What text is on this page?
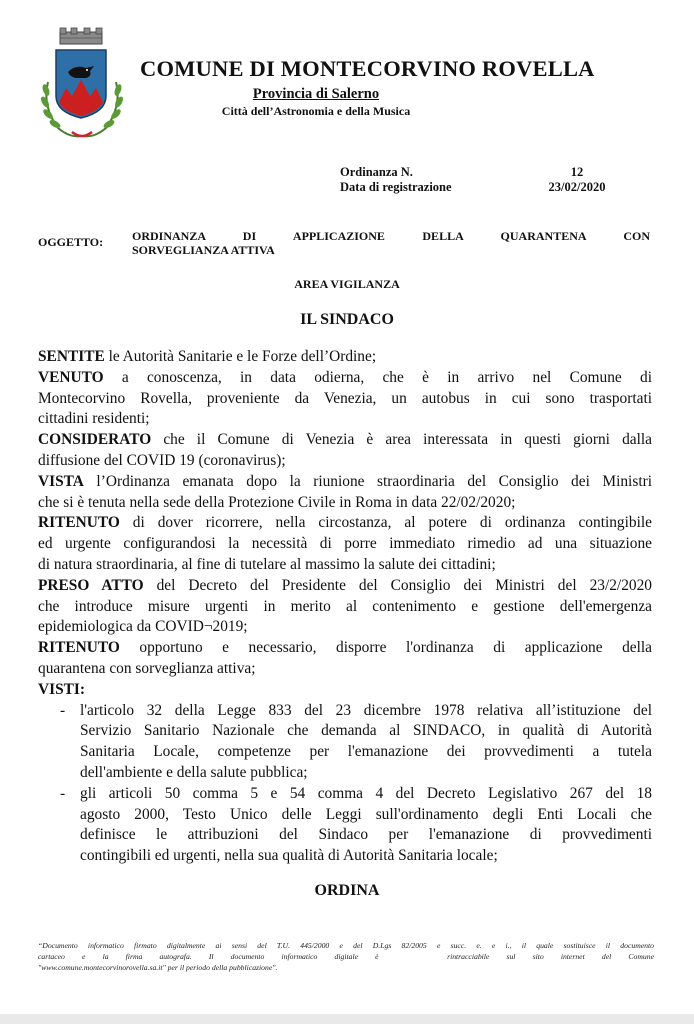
COMUNE DI MONTECORVINO ROVELLA
Provincia di Salerno
Città dell’Astronomia e della Musica
Ordinanza N.	12
Data di registrazione	23/02/2020
OGGETTO: ORDINANZA DI APPLICAZIONE DELLA QUARANTENA CON
SORVEGLIANZA ATTIVA
AREA VIGILANZA
IL SINDACO

SENTITE le Autorità Sanitarie e le Forze dell’Ordine;

VENUTO a conoscenza, in data odierna, che è in arrivo nel Comune di

Montecorvino Rovella, proveniente da Venezia, un autobus in cui sono trasportati

cittadini residenti;

CONSIDERATO che il Comune di Venezia è area interessata in questi giorni dalla

diffusione del COVID 19 (coronavirus);

VISTA l’Ordinanza emanata dopo la riunione straordinaria del Consiglio dei Ministri

che si è tenuta nella sede della Protezione Civile in Roma in data 22/02/2020;

RITENUTO di dover ricorrere, nella circostanza, al potere di ordinanza contingibile

ed urgente configurandosi la necessità di porre immediato rimedio ad una situazione

di natura straordinaria, al fine di tutelare al massimo la salute dei cittadini;

PRESO ATTO del Decreto del Presidente del Consiglio dei Ministri del 23/2/2020

che introduce misure urgenti in merito al contenimento e gestione dell'emergenza

epidemiologica da COVID¬2019;

RITENUTO opportuno e necessario, disporre l'ordinanza di applicazione della

quarantena con sorveglianza attiva;

VISTI:

- l'articolo 32 della Legge 833 del 23 dicembre 1978 relativa all’istituzione del

Servizio Sanitario Nazionale che demanda al SINDACO, in qualità di Autorità

Sanitaria Locale, competenze per l'emanazione dei provvedimenti a tutela

dell'ambiente e della salute pubblica;

- gli articoli 50 comma 5 e 54 comma 4 del Decreto Legislativo 267 del 18

agosto 2000, Testo Unico delle Leggi sull'ordinamento degli Enti Locali che

definisce le attribuzioni del Sindaco per l'emanazione di provvedimenti

contingibili ed urgenti, nella sua qualità di Autorità Sanitaria locale;

ORDINA
“Documento informatico firmato digitalmente ai sensi del T.U. 445/2000 e del D.Lgs 82/2005 e succ. e. e i., il quale sostituisce il documento
cartaceo  e  la  firma  autografa.  Il  documento  informatico  digitale  è        rintracciabile  sul  sito  internet  del  Comune
"www.comune.montecorvinorovella.sa.it" per il periodo della pubblicazione".
